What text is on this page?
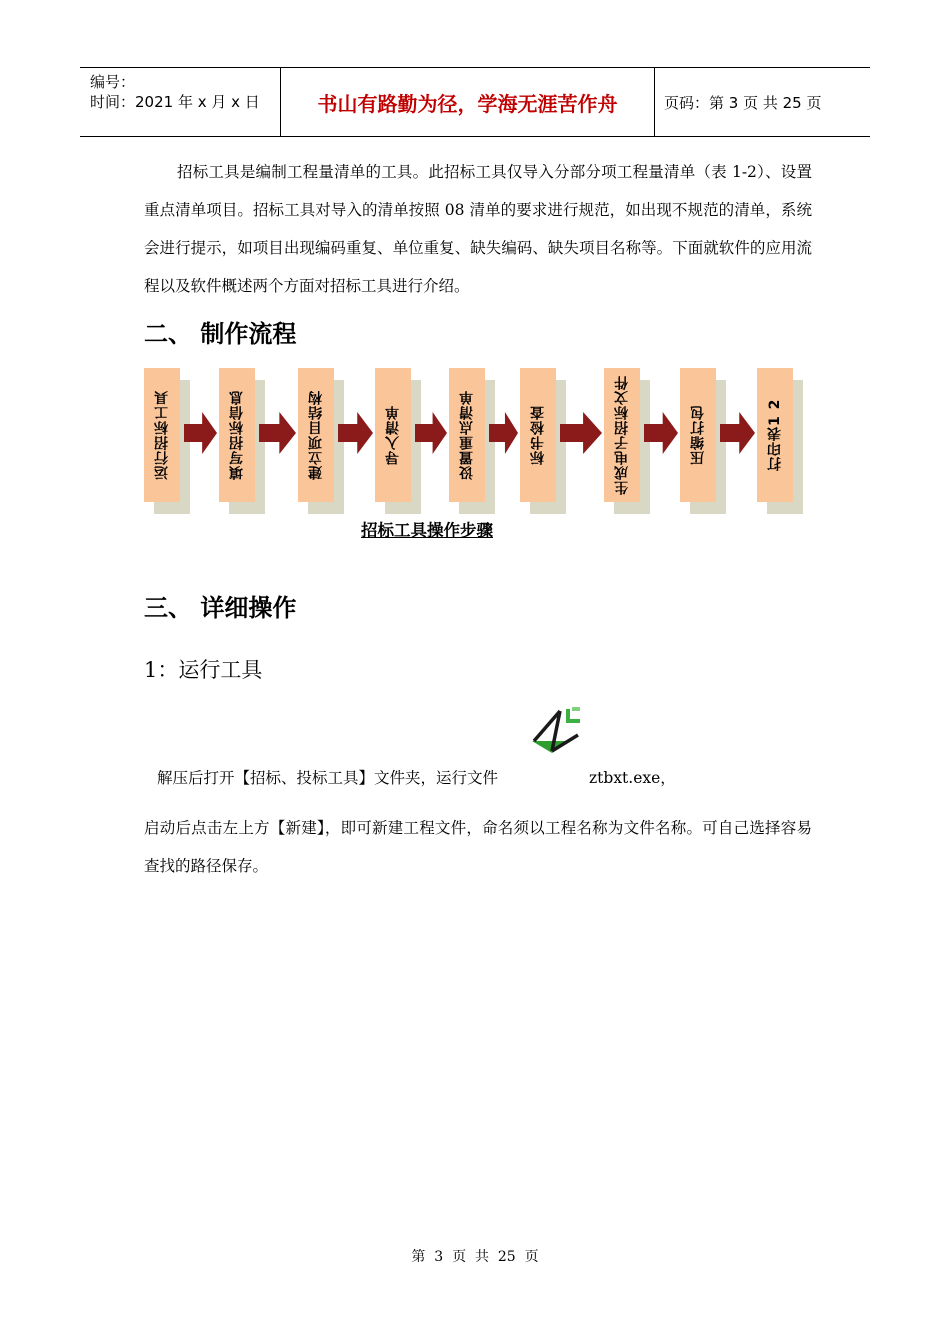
编号：
时间：2021 年 x 月 x 日	书山有路勤为径，学海无涯苦作舟	页码：第 3 页 共 25 页
招标工具是编制工程量清单的工具。此招标工具仅导入分部分项工程量清单（表 1-2）、设置重点清单项目。招标工具对导入的清单按照 08 清单的要求进行规范，如出现不规范的清单，系统会进行提示，如项目出现编码重复、单位重复、缺失编码、缺失项目名称等。下面就软件的应用流程以及软件概述两个方面对招标工具进行介绍。
二、 制作流程
运行招标工具	填写招标信息	建立项目结构	导入清单	设置重点清单	标书检查	生成电子招标文件	压缩打包	打印表1 2
招标工具操作步骤
三、 详细操作
1：运行工具
解压后打开【招标、投标工具】文件夹，运行文件	ztbxt.exe，
启动后点击左上方【新建】，即可新建工程文件，命名须以工程名称为文件名称。可自己选择容易查找的路径保存。
第  3  页  共  25  页
